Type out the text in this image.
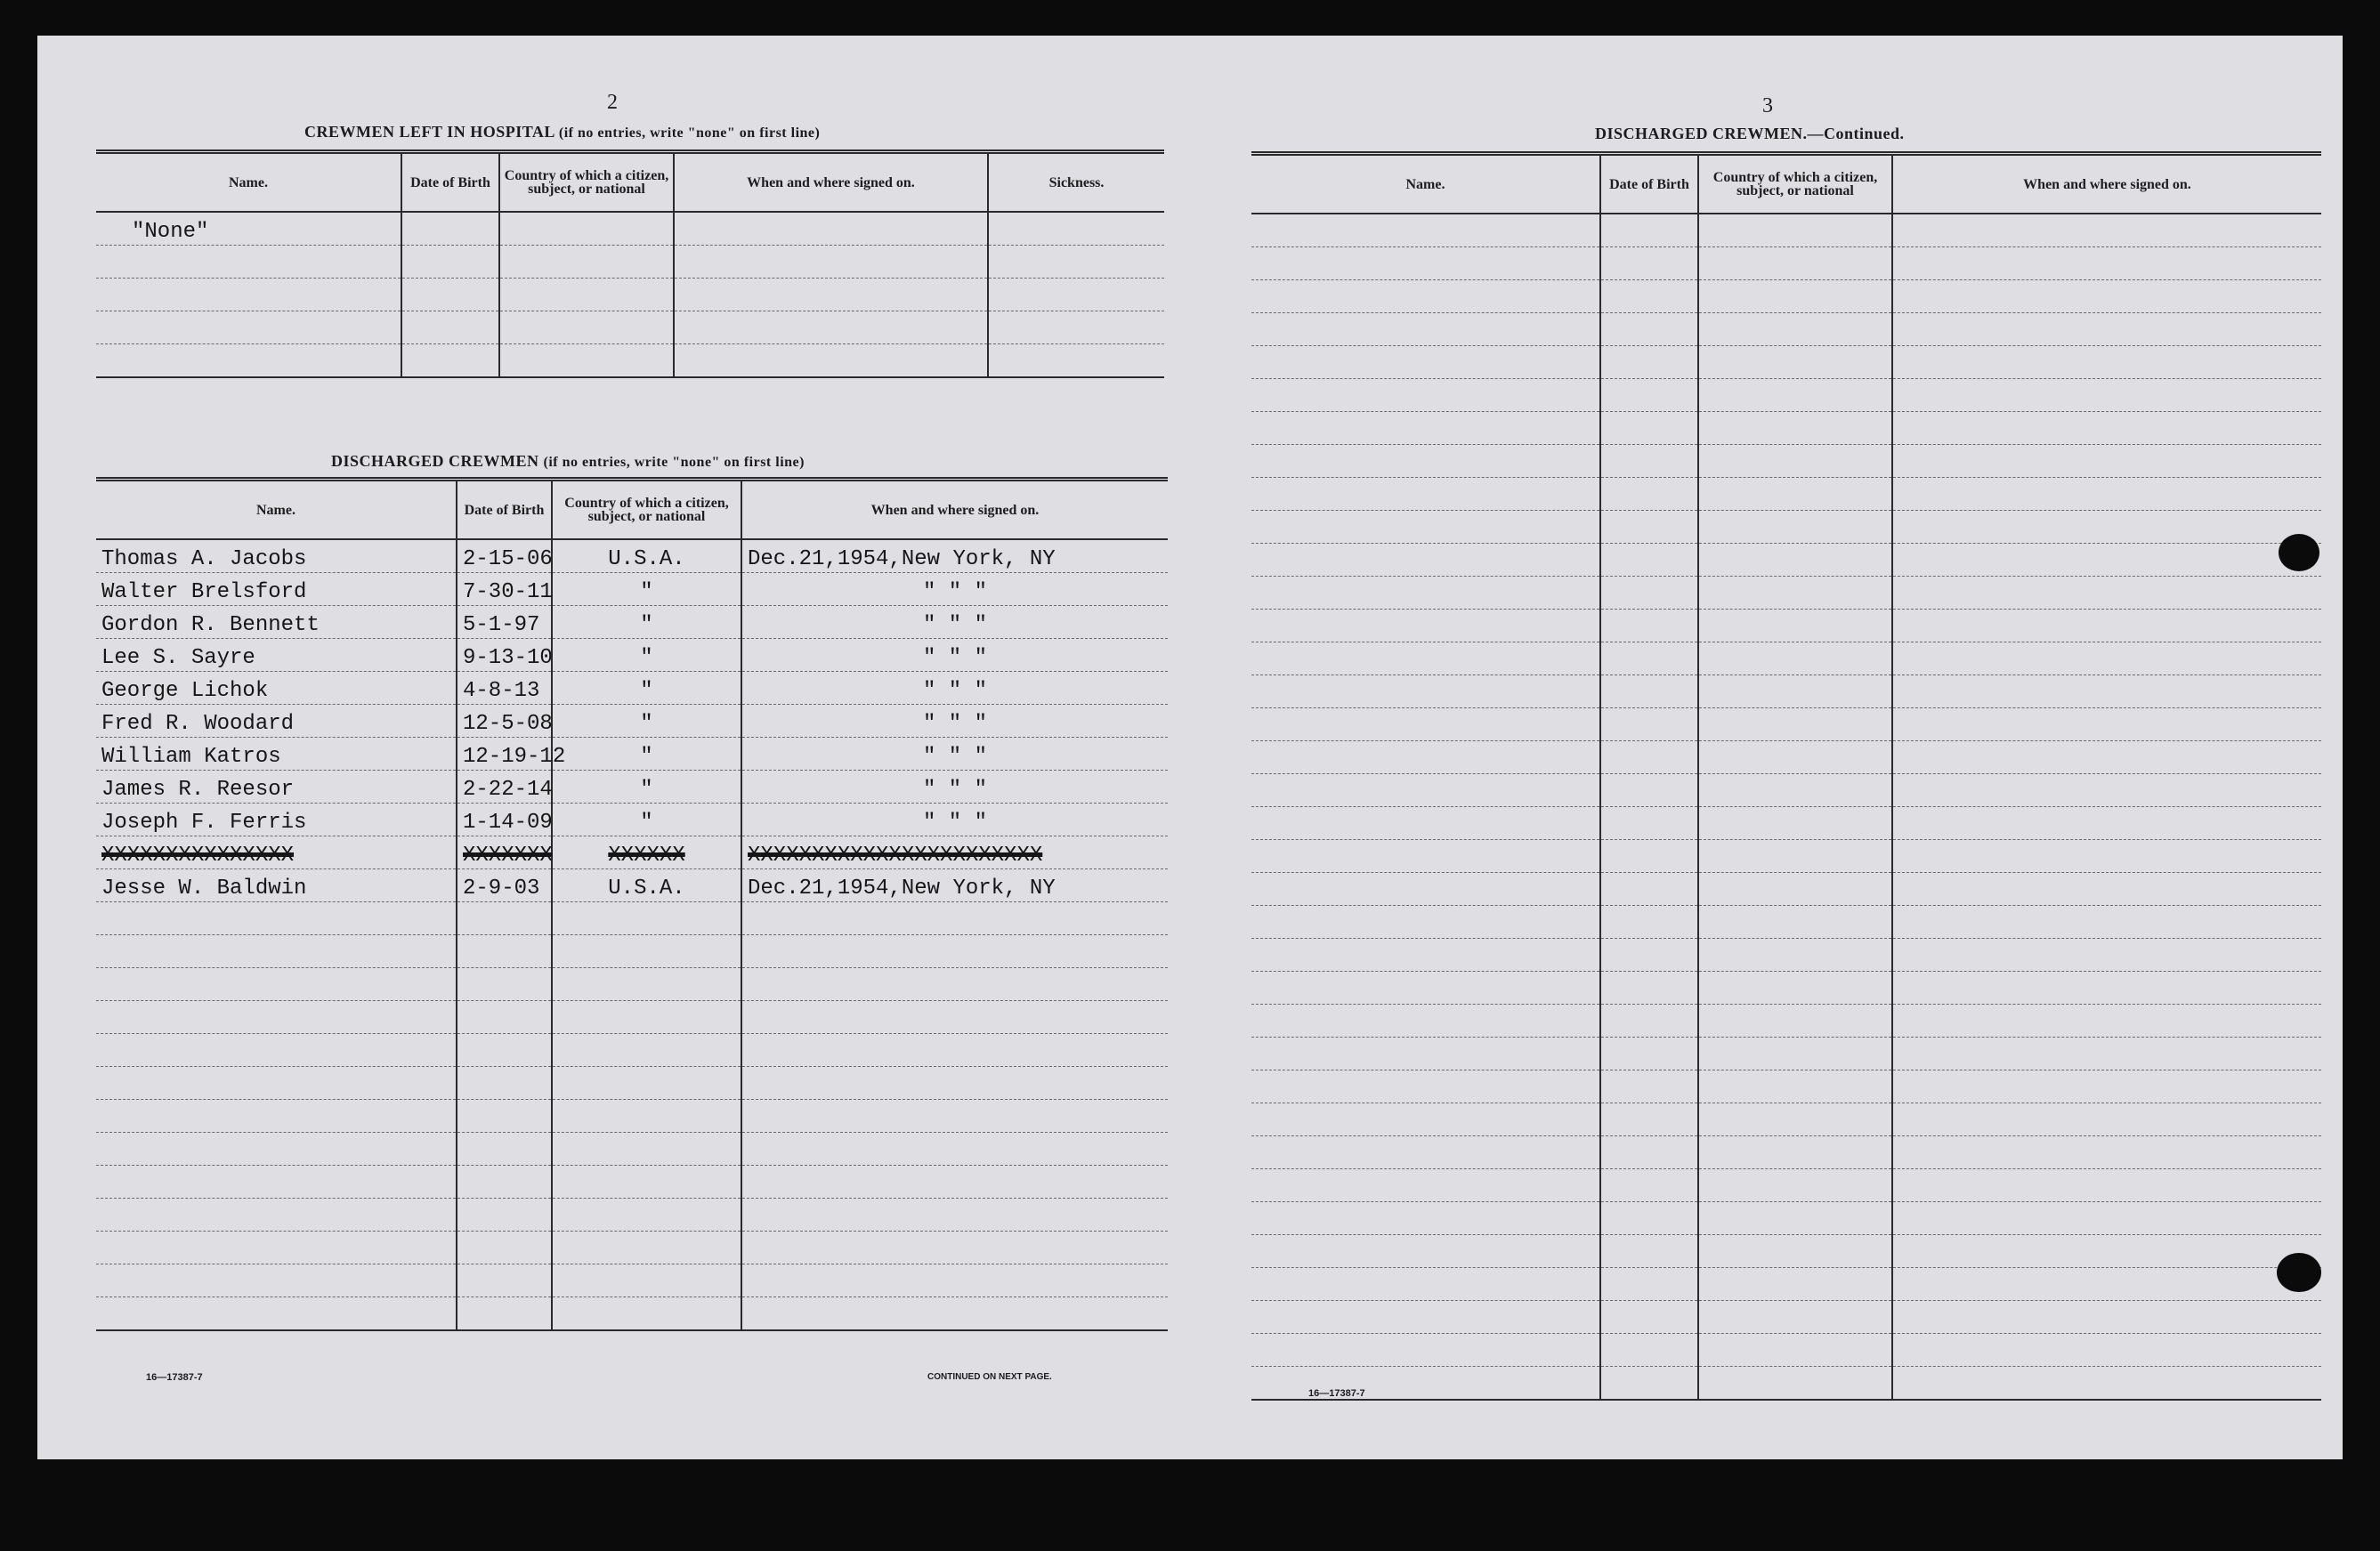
2
CREWMEN LEFT IN HOSPITAL (if no entries, write "none" on first line)
Name.	Date of Birth	Country of which a citizen, subject, or national	When and where signed on.	Sickness.
"None"				

DISCHARGED CREWMEN (if no entries, write "none" on first line)
Name.	Date of Birth	Country of which a citizen, subject, or national	When and where signed on.
Thomas A. Jacobs	2-15-06	U.S.A.	Dec.21,1954,New York, NY
Walter Brelsford	7-30-11	"	" " "
Gordon R. Bennett	5-1-97	"	" " "
Lee S. Sayre	9-13-10	"	" " "
George Lichok	4-8-13	"	" " "
Fred R. Woodard	12-5-08	"	" " "
William Katros	12-19-12	"	" " "
James R. Reesor	2-22-14	"	" " "
Joseph F. Ferris	1-14-09	"	" " "
XXXXXXXXXXXXXXX	XXXXXXX	XXXXXX	XXXXXXXXXXXXXXXXXXXXXXX
Jesse W. Baldwin	2-9-03	U.S.A.	Dec.21,1954,New York, NY

16—17387-7	CONTINUED ON NEXT PAGE.
3
DISCHARGED CREWMEN.—Continued.
Name.	Date of Birth	Country of which a citizen, subject, or national	When and where signed on.

16—17387-7
